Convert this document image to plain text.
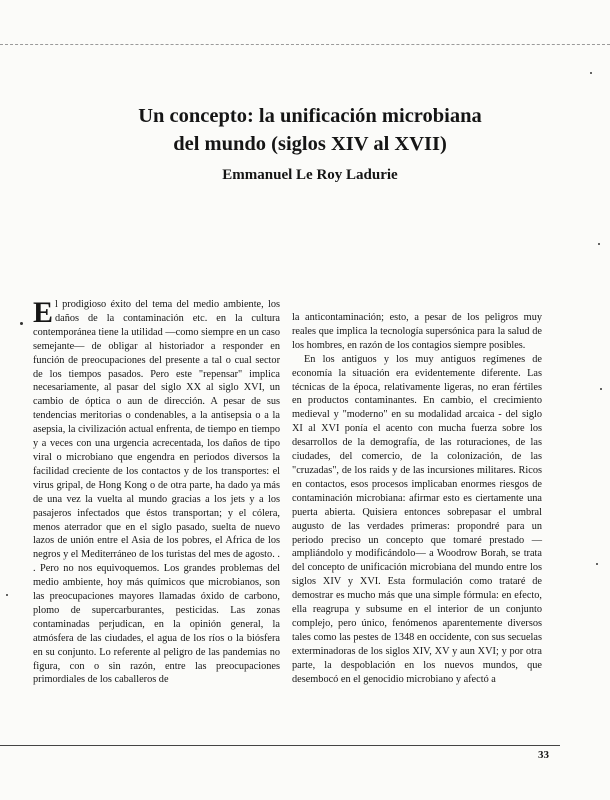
Un concepto: la unificación microbiana
del mundo (siglos XIV al XVII)
Emmanuel Le Roy Ladurie

El prodigioso éxito del tema del medio ambiente, los daños de la contaminación etc. en la cultura contemporánea tiene la utilidad —como siempre en un caso semejante— de obligar al historiador a responder en función de preocupaciones del presente a tal o cual sector de los tiempos pasados. Pero este "repensar" implica necesariamente, al pasar del siglo XX al siglo XVI, un cambio de óptica o aun de dirección. A pesar de sus tendencias meritorias o condenables, a la antisepsia o a la asepsia, la civilización actual enfrenta, de tiempo en tiempo y a veces con una urgencia acrecentada, los daños de tipo viral o microbiano que engendra en periodos diversos la facilidad creciente de los contactos y de los transportes: el virus gripal, de Hong Kong o de otra parte, ha dado ya más de una vez la vuelta al mundo gracias a los jets y a los pasajeros infectados que éstos transportan; y el cólera, menos aterrador que en el siglo pasado, suelta de nuevo lazos de unión entre el Asia de los pobres, el Africa de los negros y el Mediterráneo de los turistas del mes de agosto. . . Pero no nos equivoquemos. Los grandes problemas del medio ambiente, hoy más químicos que microbianos, son las preocupaciones mayores llamadas óxido de carbono, plomo de supercarburantes, pesticidas. Las zonas contaminadas perjudican, en la opinión general, la atmósfera de las ciudades, el agua de los ríos o la biósfera en su conjunto. Lo referente al peligro de las pandemias no figura, con o sin razón, entre las preocupaciones primordiales de los caballeros de

la anticontaminación; esto, a pesar de los peligros muy reales que implica la tecnología supersónica para la salud de los hombres, en razón de los contagios siempre posibles.

En los antiguos y los muy antiguos regímenes de economía la situación era evidentemente diferente. Las técnicas de la época, relativamente ligeras, no eran fértiles en productos contaminantes. En cambio, el crecimiento medieval y "moderno" en su modalidad arcaica - del siglo XI al XVI ponía el acento con mucha fuerza sobre los desarrollos de la demografía, de las roturaciones, de las ciudades, del comercio, de la colonización, de las "cruzadas", de los raids y de las incursiones militares. Ricos en contactos, esos procesos implicaban enormes riesgos de contaminación microbiana: afirmar esto es ciertamente una puerta abierta. Quisiera entonces sobrepasar el umbral augusto de las verdades primeras: propondré para un periodo preciso un concepto que tomaré prestado —ampliándolo y modificándolo— a Woodrow Borah, se trata del concepto de unificación microbiana del mundo entre los siglos XIV y XVI. Esta formulación como trataré de demostrar es mucho más que una simple fórmula: en efecto, ella reagrupa y subsume en el interior de un conjunto complejo, pero único, fenómenos aparentemente diversos tales como las pestes de 1348 en occidente, con sus secuelas exterminadoras de los siglos XIV, XV y aun XVI; y por otra parte, la despoblación en los nuevos mundos, que desembocó en el genocidio microbiano y afectó a

33
